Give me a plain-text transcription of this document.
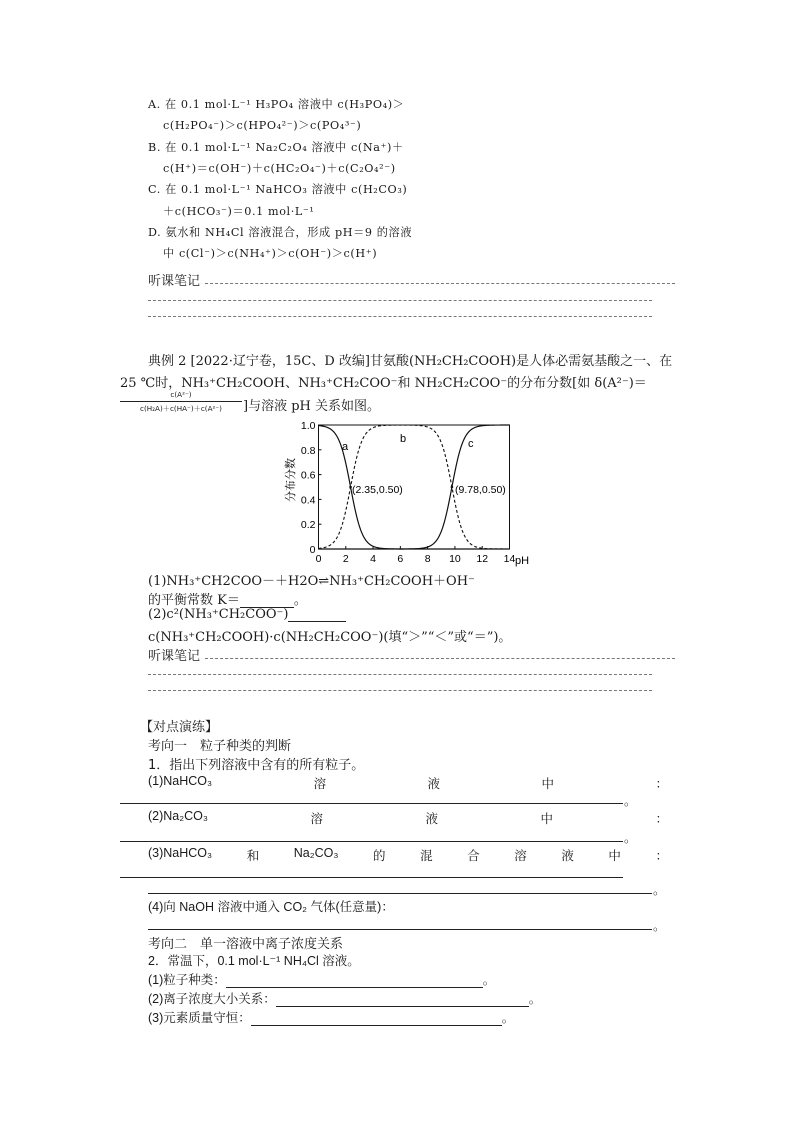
A. 在 0.1 mol·L⁻¹ H₃PO₄ 溶液中 c(H₃PO₄)＞
c(H₂PO₄⁻)＞c(HPO₄²⁻)＞c(PO₄³⁻)
B. 在 0.1 mol·L⁻¹ Na₂C₂O₄ 溶液中 c(Na⁺)＋
c(H⁺)＝c(OH⁻)＋c(HC₂O₄⁻)＋c(C₂O₄²⁻)
C. 在 0.1 mol·L⁻¹ NaHCO₃ 溶液中 c(H₂CO₃)
＋c(HCO₃⁻)＝0.1 mol·L⁻¹
D. 氨水和 NH₄Cl 溶液混合，形成 pH＝9 的溶液
中 c(Cl⁻)＞c(NH₄⁺)＞c(OH⁻)＞c(H⁺)
听课笔记
典例 2 [2022·辽宁卷，15C、D 改编]甘氨酸(NH₂CH₂COOH)是人体必需氨基酸之一、在
25 ℃时，NH₃⁺CH₂COOH、NH₃⁺CH₂COO⁻和 NH₂CH₂COO⁻的分布分数[如 δ(A²⁻)＝
c(A²⁻)
c(H₂A)＋c(HA⁻)＋c(A²⁻)	]与溶液 pH 关系如图。
0 2 4 6 8 10 12 14
0
0.2
0.4
0.6
0.8
1.0
a
b	c
(2.35,0.50)	(9.78,0.50)
pH
分布分数
(1)NH₃⁺CH2COO－＋H2O⇌NH₃⁺CH₂COOH＋OH⁻
的平衡常数 K＝	。
(2)c²(NH₃⁺CH₂COO⁻)
c(NH₃⁺CH₂COOH)·c(NH₂CH₂COO⁻)(填“＞”“＜”或“＝”)。
听课笔记
【对点演练】
考向一　粒子种类的判断
1．指出下列溶液中含有的所有粒子。
(1)NaHCO₃	溶	液	中	：
。
(2)Na₂CO₃	溶	液	中	：
。
(3)NaHCO₃	和	Na₂CO₃	的	混	合	溶	液	中	：
。
(4)向 NaOH 溶液中通入 CO₂ 气体(任意量)：
。
考向二　单一溶液中离子浓度关系
2．常温下，0.1 mol·L⁻¹ NH₄Cl 溶液。
(1)粒子种类：	。
(2)离子浓度大小关系：	。
(3)元素质量守恒：	。
